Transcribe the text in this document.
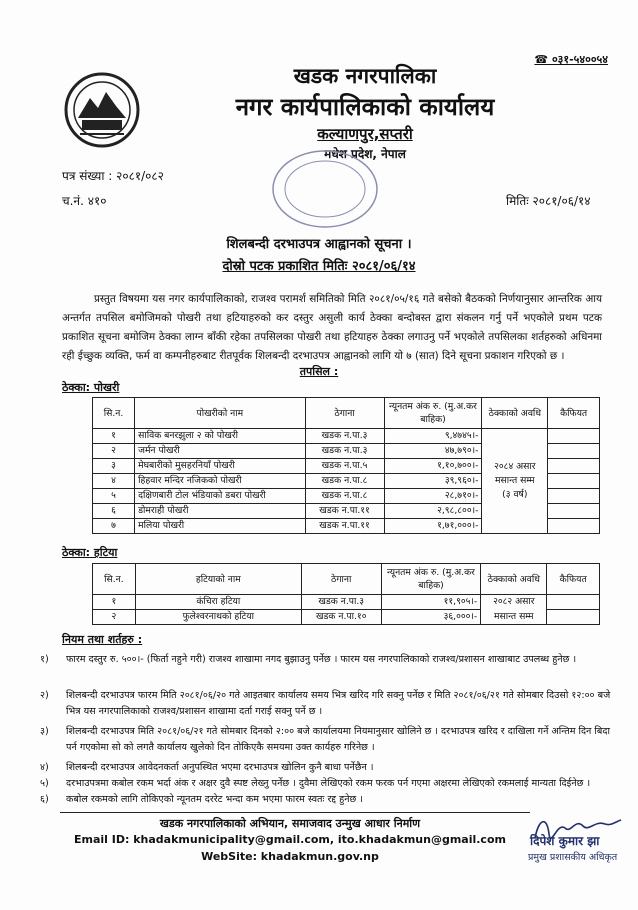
☎ ०३१-५४००५४
खडक नगरपालिका
नगर कार्यपालिकाको कार्यालय
कल्याणपुर,सप्तरी
मधेश प्रदेश, नेपाल
पत्र संख्या : २०८१/०८२
च.नं. ४१०	मितिः २०८१/०६/१४
शिलबन्दी दरभाउपत्र आह्वानको सूचना ।
दोस्रो पटक प्रकाशित मितिः २०८१/०६/१४
प्रस्तुत विषयमा यस नगर कार्यपालिकाको, राजश्व परामर्श समितिको मिति २०८१/०५/१६ गते बसेको बैठकको निर्णयानुसार आन्तरिक आय अन्तर्गत तपसिल बमोजिमको पोखरी तथा हटियाहरुको कर दस्तुर असुली कार्य ठेक्का बन्दोबस्त द्वारा संकलन गर्नु पर्ने भएकोले प्रथम पटक प्रकाशित सूचना बमोजिम ठेक्का लाग्न बाँकी रहेका तपसिलका पोखरी तथा हटियाहरु ठेक्का लगाउनु पर्ने भएकोले तपसिलका शर्तहरुको अधिनमा रही ईच्छुक व्यक्ति, फर्म वा कम्पनीहरुबाट रीतपूर्वक शिलबन्दी दरभाउपत्र आह्वानको लागि यो ७ (सात) दिने सूचना प्रकाशन गरिएको छ ।
तपसिल :
ठेक्का: पोखरी
सि.न.	पोखरीको नाम	ठेगाना	न्यूनतम अंक रु. (मु.अ.कर बाहिक)	ठेक्काको अवधि	कैफियत
१	साविक बनरझुला २ को पोखरी	खडक न.पा.३	९,४७४५।-		
२	जर्मन पोखरी	खडक न.पा.३	४७,७९०।-	२०८४ असार
मसान्त सम्म
(३ वर्ष)	

३	मेघबारीको मुसहरनियाँ पोखरी	खडक न.पा.५	१,१०,७००।-		
४	हिहवार मन्दिर नजिकको पोखरी	खडक न.पा.८	३९,९६०।-		
५	दक्षिणबारी टोल भंडियाको डबरा पोखरी	खडक न.पा.८	२८,७१०।-		
६	डोमराही पोखरी	खडक न.पा.११	२,९८,८००।-		
७	मलिया पोखरी	खडक न.पा.११	१,७१,०००।-		
ठेक्का: हटिया
सि.न.	हटियाको नाम	ठेगाना	न्यूनतम अंक रु. (मु.अ.कर बाहिक)	ठेक्काको अवधि	कैफियत
१	कंचिरा हटिया	खडक न.पा.३	११,९०५।-	२०८२ असार	
२	फुलेश्वरनाथको हटिया	खडक न.पा.१०	३६,०००।-	मसान्त सम्म	
नियम तथा शर्तहरु :
१) फारम दस्तुर रु. ५००।- (फिर्ता नहुने गरी) राजश्व शाखामा नगद बुझाउनु पर्नेछ । फारम यस नगरपालिकाको राजश्व/प्रशासन शाखाबाट उपलब्ध हुनेछ ।
२) शिलबन्दी दरभाउपत्र फारम मिति २०८१/०६/२० गते आइतबार कार्यालय समय भित्र खरिद गरि सक्नु पर्नेछ र मिति २०८१/०६/२१ गते सोमबार दिउसो १२:०० बजे भित्र यस नगरपालिकाको राजश्व/प्रशासन शाखामा दर्ता गराई सक्नु पर्ने छ ।
३) शिलबन्दी दरभाउपत्र मिति २०८१/०६/२१ गते सोमबार दिनको २:०० बजे कार्यालयमा नियमानुसार खोलिने छ । दरभाउपत्र खरिद र दाखिला गर्ने अन्तिम दिन बिदा पर्न गएकोमा सो को लगतै कार्यालय खुलेको दिन तोकिएकै समयमा उक्त कार्यहरु गरिनेछ ।
४) शिलबन्दी दरभाउपत्र आवेदनकर्ता अनुपस्थित भएमा दरभाउपत्र खोलिन कुनै बाधा पर्नेछैन ।
५) दरभाउपत्रमा कबोल रकम भर्दा अंक र अक्षर दुवै स्पष्ट लेख्नु पर्नेछ । दुवैमा लेखिएको रकम फरक पर्न गएमा अक्षरमा लेखिएको रकमलाई मान्यता दिईनेछ ।
६) कबोल रकमको लागि तोकिएको न्यूनतम दररेट भन्दा कम भएमा फारम स्वतः रद्द हुनेछ ।
खडक नगरपालिकाको अभियान, समाजवाद उन्मुख आधार निर्माण
Email ID: khadakmunicipality@gmail.com, ito.khadakmun@gmail.com
WebSite: khadakmun.gov.np
दिपेश कुमार झा
प्रमुख प्रशासकीय अधिकृत
